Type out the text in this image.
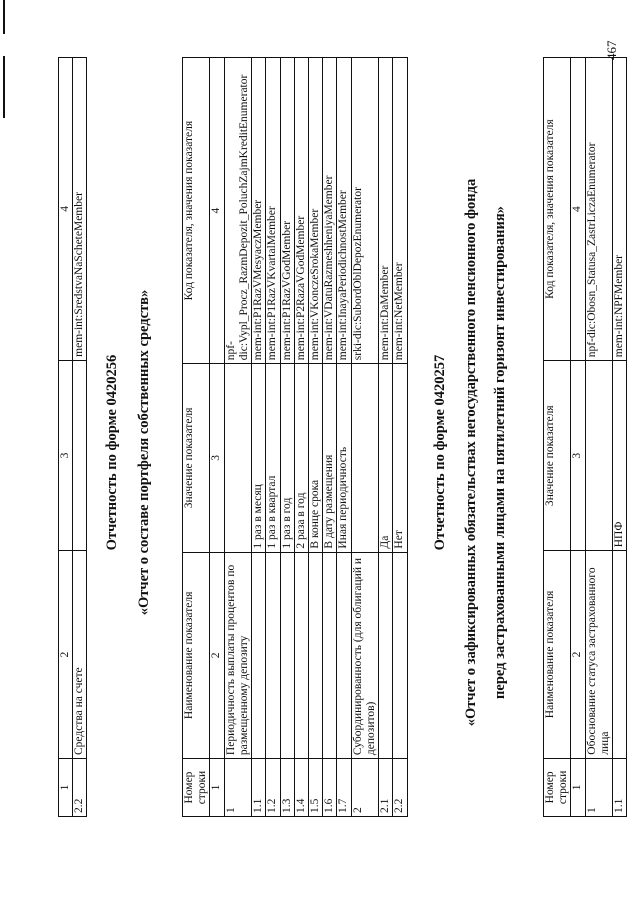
1	2	3	4
2.2	Средства на счете		mem-int:SredstvaNaScheteMember
Отчетность по форме 0420256 «Отчет о составе портфеля собственных средств»
Номер строки	Наименование показателя	Значение показателя	Код показателя, значения показателя
1	2	3	4
1	Периодичность выплаты процентов по размещенному депозиту		npf-dic:Vypl_Procz_RazmDepozit_PoluchZajmKreditEnumerator
1.1		1 раз в месяц	mem-int:P1RazVMesyaczMember
1.2		1 раз в квартал	mem-int:P1RazVKvartalMember
1.3		1 раз в год	mem-int:P1RazVGodMember
1.4		2 раза в год	mem-int:P2RazaVGodMember
1.5		В конце срока	mem-int:VKonczeSrokaMember
1.6		В дату размещения	mem-int:VDatuRazmeshheniyaMember
1.7		Иная периодичность	mem-int:InayaPeriodichnostMember
2	Субординированность (для облигаций и депозитов)		srki-dic:SubordOblDepozEnumerator
2.1		Да	mem-int:DaMember
2.2		Нет	mem-int:NetMember
Отчетность по форме 0420257 «Отчет о зафиксированных обязательствах негосударственного пенсионного фонда перед застрахованными лицами на пятилетний горизонт инвестирования»
Номер строки	Наименование показателя	Значение показателя	Код показателя, значения показателя
1	2	3	4
1	Обоснование статуса застрахованного лица		npf-dic:Obosn_Statusa_ZastrLiczaEnumerator
1.1		НПФ	mem-int:NPFMember
467
